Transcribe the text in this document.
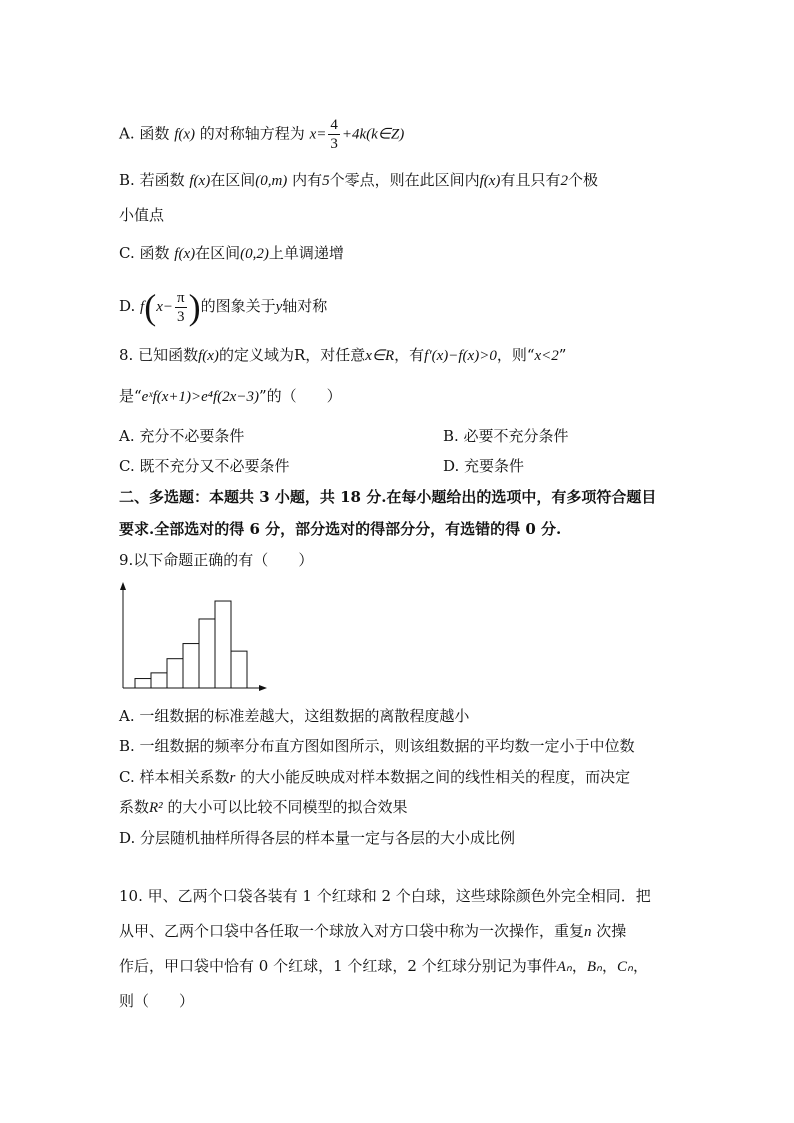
A. 函数 f(x) 的对称轴方程为 $x= \frac{4}{3}$ +4k(k∈Z)
B. 若函数 f(x)在区间(0,m) 内有5个零点，则在此区间内f(x)有且只有2个极
小值点
C. 函数 f(x)在区间(0,2)上单调递增
D. $f(x- \frac{\pi}{3}$ )的图象关于y轴对称
8. 已知函数f(x)的定义域为R，对任意x∈R，有f′(x)−f(x)>0，则“x<2”
是“eˣf(x+1)>e⁴f(2x−3)”的（　　）
A. 充分不必要条件	B. 必要不充分条件
C. 既不充分又不必要条件	D. 充要条件
二、多选题：本题共 3 小题，共 18 分.在每小题给出的选项中，有多项符合题目
要求.全部选对的得 6 分，部分选对的得部分分，有选错的得 0 分.
9.以下命题正确的有（　　）
A. 一组数据的标准差越大，这组数据的离散程度越小
B. 一组数据的频率分布直方图如图所示，则该组数据的平均数一定小于中位数
C. 样本相关系数r 的大小能反映成对样本数据之间的线性相关的程度，而决定
系数R² 的大小可以比较不同模型的拟合效果
D. 分层随机抽样所得各层的样本量一定与各层的大小成比例
10. 甲、乙两个口袋各装有 1 个红球和 2 个白球，这些球除颜色外完全相同．把
从甲、乙两个口袋中各任取一个球放入对方口袋中称为一次操作，重复n 次操
作后，甲口袋中恰有 0 个红球，1 个红球，2 个红球分别记为事件Aₙ，Bₙ，Cₙ，
则（　　）
